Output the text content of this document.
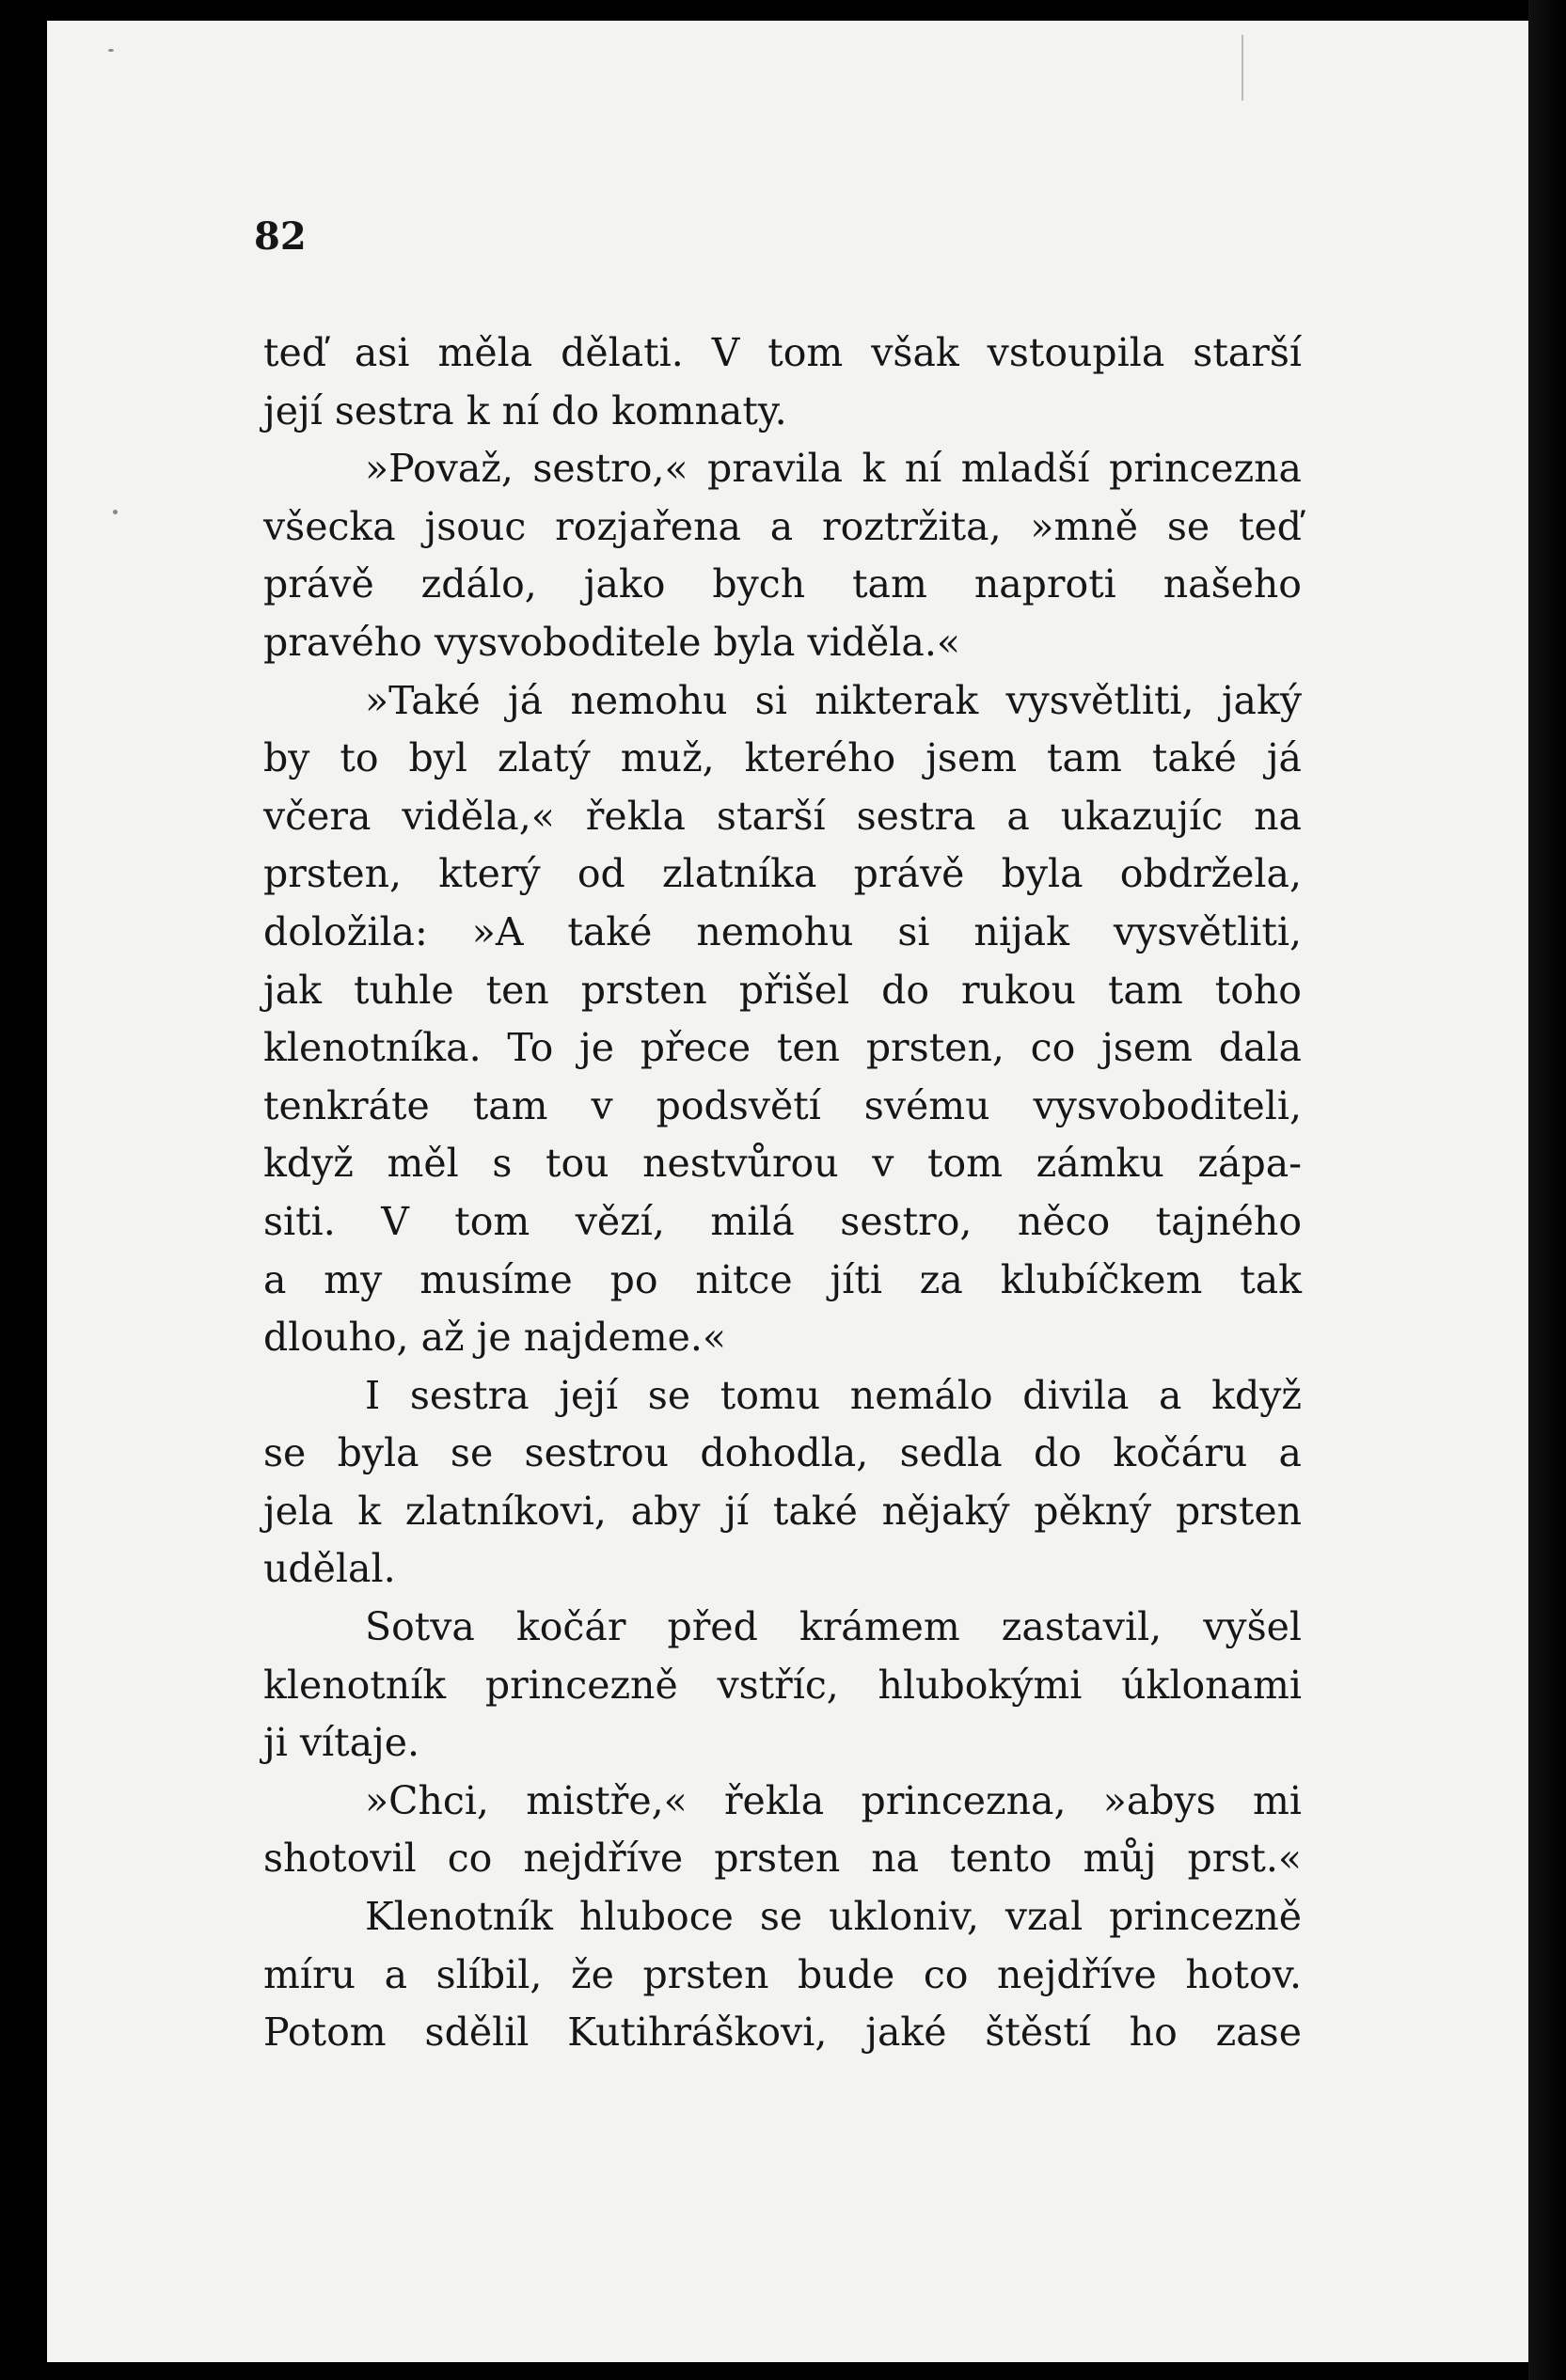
82
teď asi měla dělati. V tom však vstoupila starší
její sestra k ní do komnaty.
»Považ, sestro,« pravila k ní mladší princezna
všecka jsouc rozjařena a roztržita, »mně se teď
právě zdálo, jako bych tam naproti našeho
pravého vysvoboditele byla viděla.«
»Také já nemohu si nikterak vysvětliti, jaký
by to byl zlatý muž, kterého jsem tam také já
včera viděla,« řekla starší sestra a ukazujíc na
prsten, který od zlatníka právě byla obdržela,
doložila: »A také nemohu si nijak vysvětliti,
jak tuhle ten prsten přišel do rukou tam toho
klenotníka. To je přece ten prsten, co jsem dala
tenkráte tam v podsvětí svému vysvoboditeli,
když měl s tou nestvůrou v tom zámku zápa-
siti. V tom vězí, milá sestro, něco tajného
a my musíme po nitce jíti za klubíčkem tak
dlouho, až je najdeme.«
I sestra její se tomu nemálo divila a když
se byla se sestrou dohodla, sedla do kočáru a
jela k zlatníkovi, aby jí také nějaký pěkný prsten
udělal.
Sotva kočár před krámem zastavil, vyšel
klenotník princezně vstříc, hlubokými úklonami
ji vítaje.
»Chci, mistře,« řekla princezna, »abys mi
shotovil co nejdříve prsten na tento můj prst.«
Klenotník hluboce se ukloniv, vzal princezně
míru a slíbil, že prsten bude co nejdříve hotov.
Potom sdělil Kutihráškovi, jaké štěstí ho zase
